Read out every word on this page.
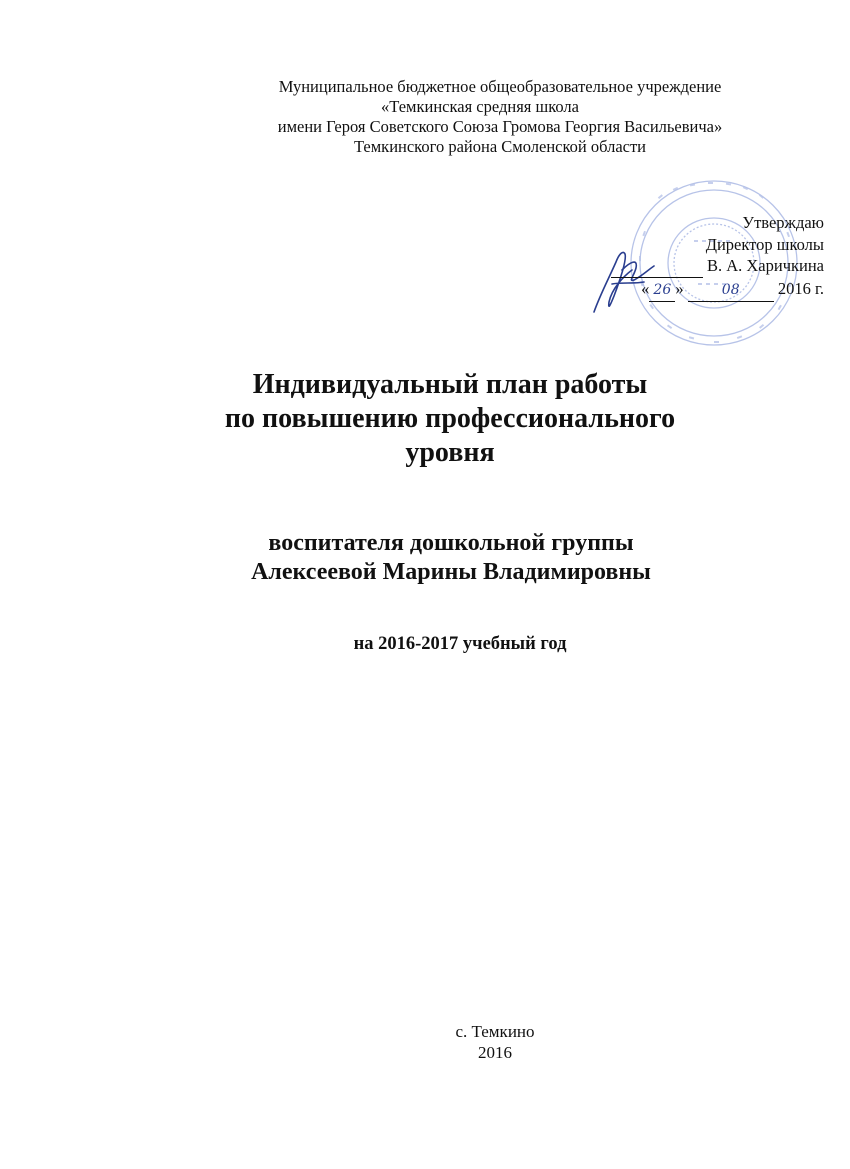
Муниципальное бюджетное общеобразовательное учреждение
«Темкинская средняя школа
имени Героя Советского Союза Громова Георгия Васильевича»
Темкинского района Смоленской области
Утверждаю
Директор школы
В. А. Харичкина
« 26 »	08 2016 г.
Индивидуальный план работы
по повышению профессионального
уровня
воспитателя дошкольной группы
Алексеевой Марины Владимировны
на 2016-2017 учебный год
с. Темкино
2016
